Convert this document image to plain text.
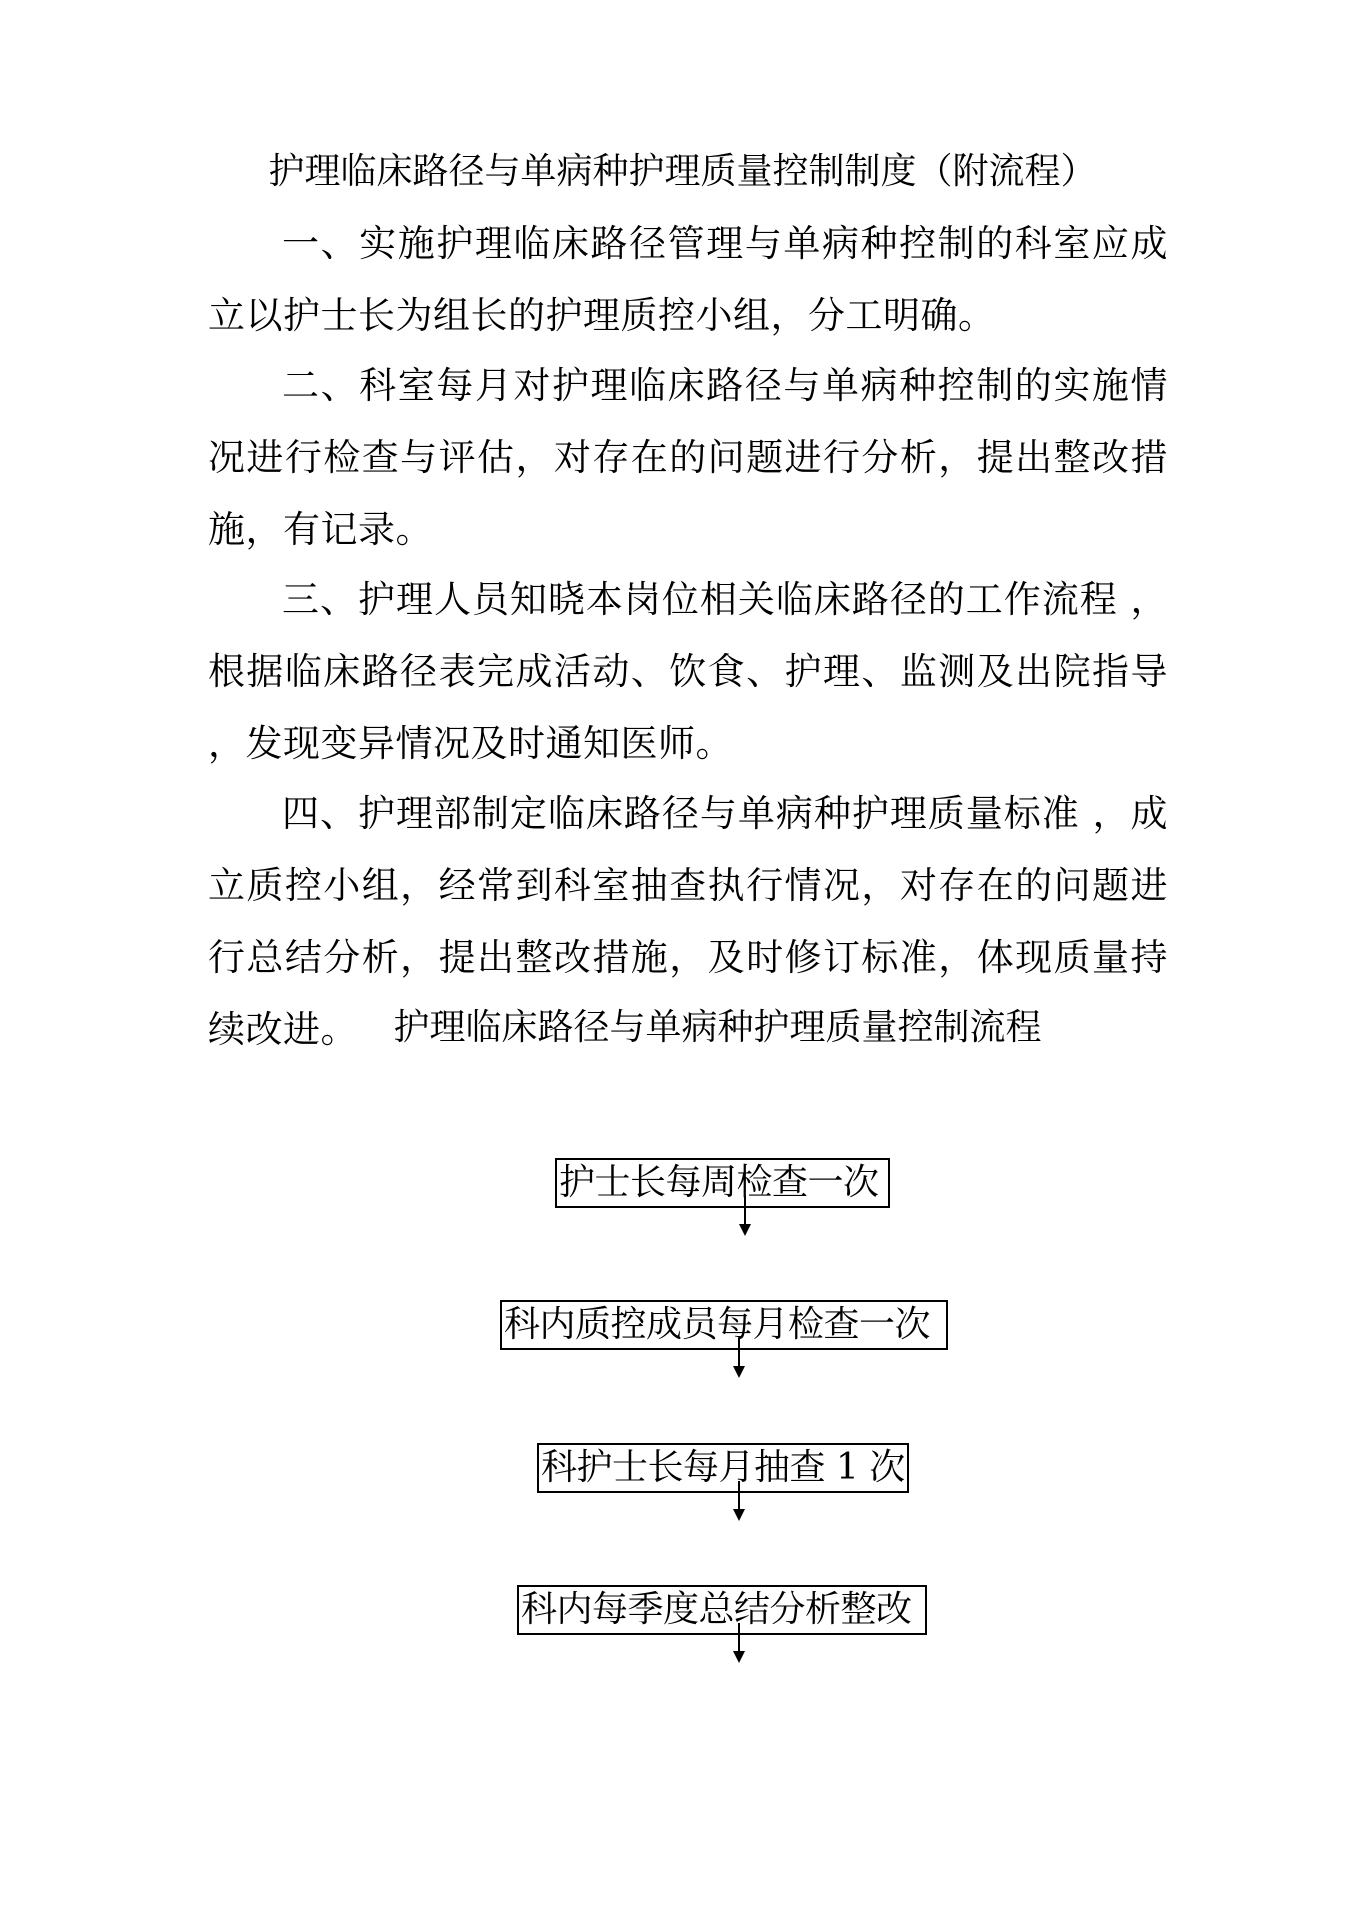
护理临床路径与单病种护理质量控制制度（附流程）

一、实施护理临床路径管理与单病种控制的科室应成立以护士长为组长的护理质控小组，分工明确。

二、科室每月对护理临床路径与单病种控制的实施情况进行检查与评估，对存在的问题进行分析，提出整改措施，有记录。

三、护理人员知晓本岗位相关临床路径的工作流程 ，根据临床路径表完成活动、饮食、护理、监测及出院指导 ，发现变异情况及时通知医师。

四、护理部制定临床路径与单病种护理质量标准 ，成立质控小组，经常到科室抽查执行情况，对存在的问题进行总结分析，提出整改措施，及时修订标准，体现质量持续改进。 护理临床路径与单病种护理质量控制流程
护士长每周检查一次
科内质控成员每月检查一次
科护士长每月抽查 1 次
科内每季度总结分析整改
